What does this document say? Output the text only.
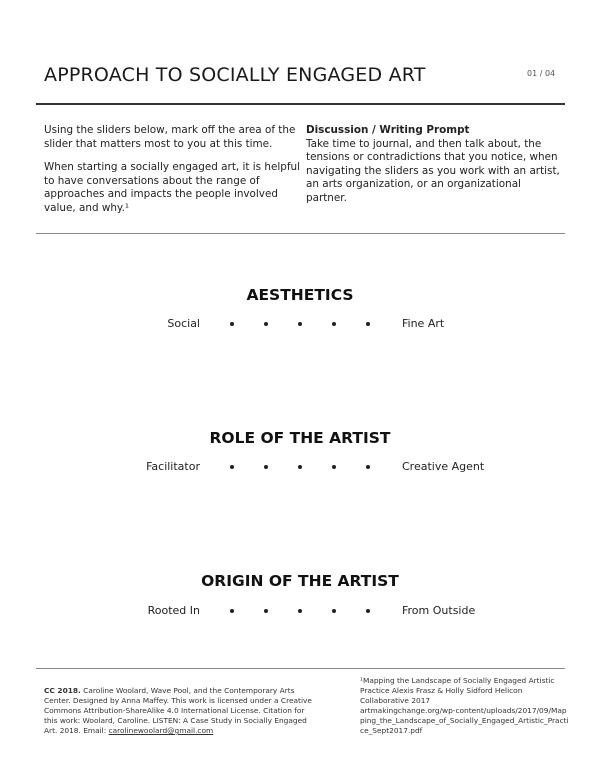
APPROACH TO SOCIALLY ENGAGED ART	01 / 04

Using the sliders below, mark off the area of the slider that matters most to you at this time.

When starting a socially engaged art, it is helpful to have conversations about the range of approaches and impacts the people involved value, and why.¹

Discussion / Writing Prompt

Take time to journal, and then talk about, the tensions or contradictions that you notice, when navigating the sliders as you work with an artist, an arts organization, or an organizational partner.

AESTHETICS
Social	Fine Art
ROLE OF THE ARTIST
Facilitator	Creative Agent
ORIGIN OF THE ARTIST
Rooted In	From Outside
CC 2018. Caroline Woolard, Wave Pool, and the Contemporary Arts Center. Designed by Anna Maffey. This work is licensed under a Creative Commons Attribution-ShareAlike 4.0 International License. Citation for this work: Woolard, Caroline. LISTEN: A Case Study in Socially Engaged Art. 2018. Email: carolinewoolard@gmail.com
¹Mapping the Landscape of Socially Engaged Artistic Practice Alexis Frasz & Holly Sidford Helicon Collaborative 2017
artmakingchange.org/wp-content/uploads/2017/09/Mapping_the_Landscape_of_Socially_Engaged_Artistic_Practice_Sept2017.pdf
